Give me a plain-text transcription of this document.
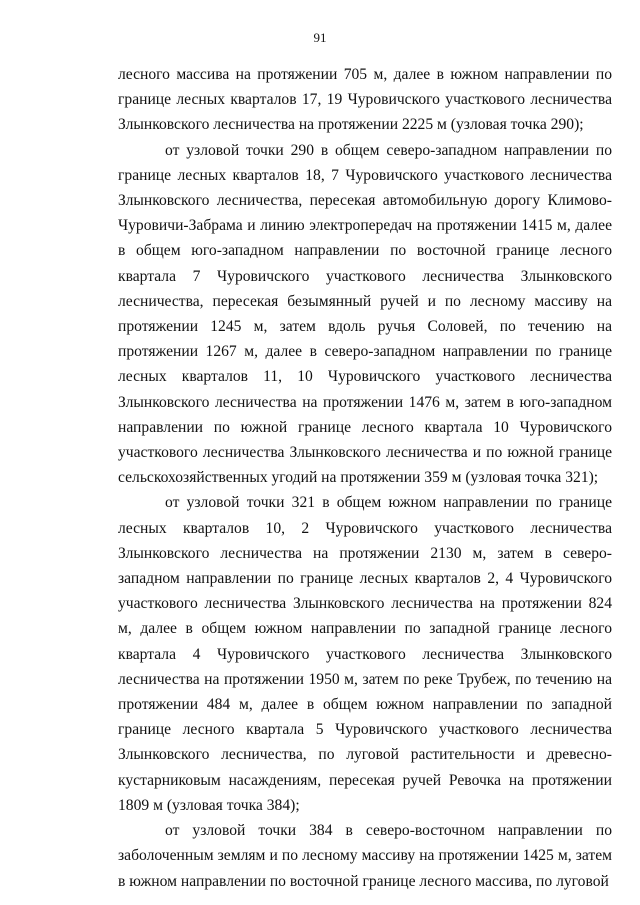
91

лесного массива на протяжении 705 м, далее в южном направлении по границе лесных кварталов 17, 19 Чуровичского участкового лесничества Злынковского лесничества на протяжении 2225 м (узловая точка 290);

от узловой точки 290 в общем северо-западном направлении по границе лесных кварталов 18, 7 Чуровичского участкового лесничества Злынковского лесничества, пересекая автомобильную дорогу Климово-Чуровичи-Забрама и линию электропередач на протяжении 1415 м, далее в общем юго-западном направлении по восточной границе лесного квартала 7 Чуровичского участкового лесничества Злынковского лесничества, пересекая безымянный ручей и по лесному массиву на протяжении 1245 м, затем вдоль ручья Соловей, по течению на протяжении 1267 м, далее в северо-западном направлении по границе лесных кварталов 11, 10 Чуровичского участкового лесничества Злынковского лесничества на протяжении 1476 м, затем в юго-западном направлении по южной границе лесного квартала 10 Чуровичского участкового лесничества Злынковского лесничества и по южной границе сельскохозяйственных угодий на протяжении 359 м (узловая точка 321);

от узловой точки 321 в общем южном направлении по границе лесных кварталов 10, 2 Чуровичского участкового лесничества Злынковского лесничества на протяжении 2130 м, затем в северо-западном направлении по границе лесных кварталов 2, 4 Чуровичского участкового лесничества Злынковского лесничества на протяжении 824 м, далее в общем южном направлении по западной границе лесного квартала 4 Чуровичского участкового лесничества Злынковского лесничества на протяжении 1950 м, затем по реке Трубеж, по течению на протяжении 484 м, далее в общем южном направлении по западной границе лесного квартала 5 Чуровичского участкового лесничества Злынковского лесничества, по луговой растительности и древесно-кустарниковым насаждениям, пересекая ручей Ревочка на протяжении 1809 м (узловая точка 384);

от узловой точки 384 в северо-восточном направлении по заболоченным землям и по лесному массиву на протяжении 1425 м, затем в южном направлении по восточной границе лесного массива, по луговой
